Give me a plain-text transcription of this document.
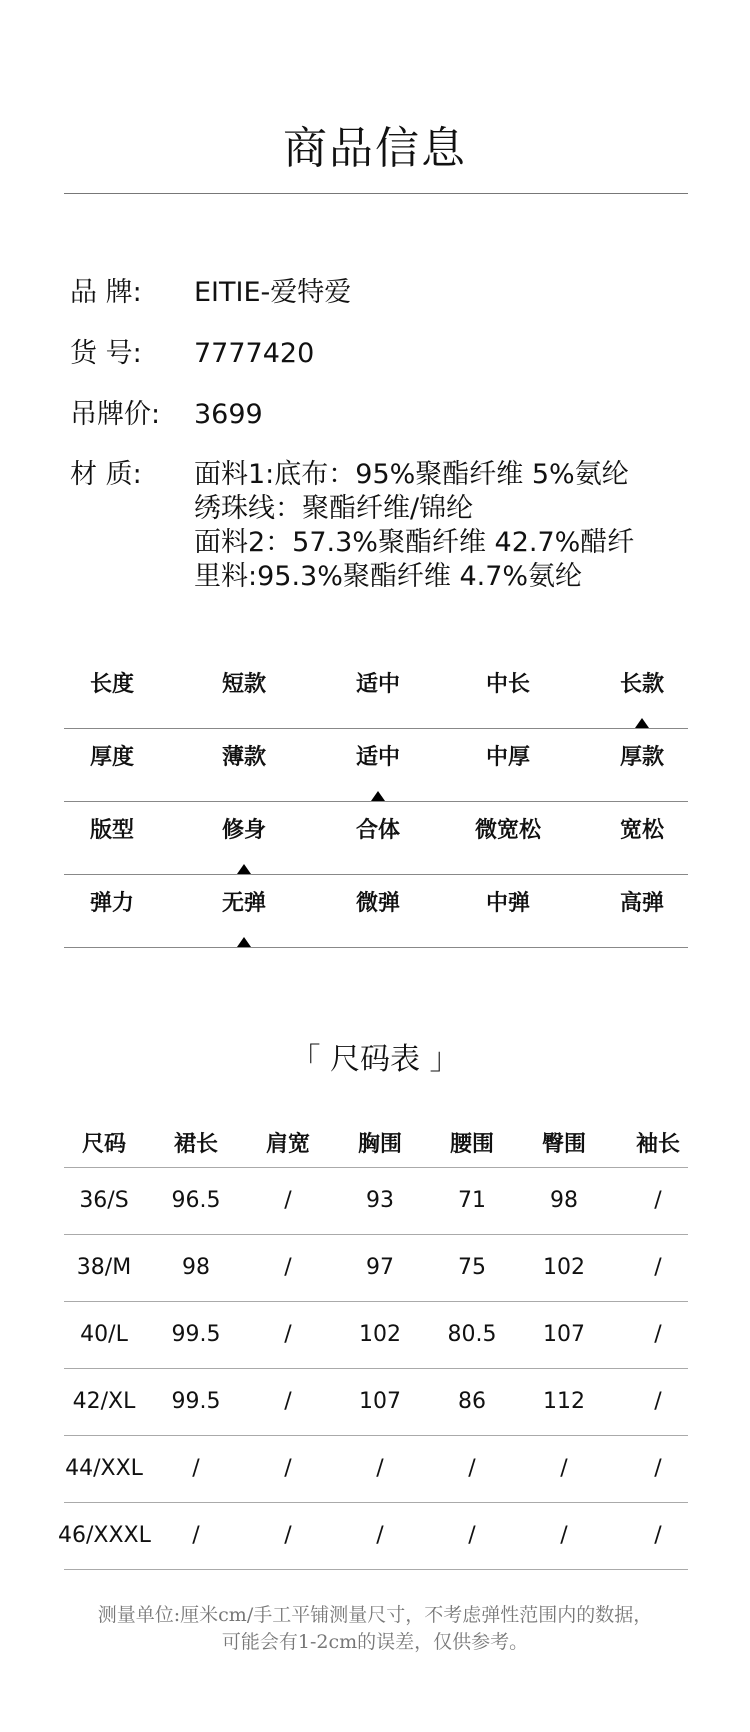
商品信息
品 牌:	EITIE-爱特爱
货 号:	7777420
吊牌价:	3699
材 质:	面料1:底布：95%聚酯纤维 5%氨纶
绣珠线：聚酯纤维/锦纶
面料2：57.3%聚酯纤维 42.7%醋纤
里料:95.3%聚酯纤维 4.7%氨纶
长度	短款	适中	中长	长款
厚度	薄款	适中	中厚	厚款
版型	修身	合体	微宽松	宽松
弹力	无弹	微弹	中弹	高弹
「 尺码表 」
尺码	裙长	肩宽	胸围	腰围	臀围	袖长
36/S	96.5	/	93	71	98	/
38/M	98	/	97	75	102	/
40/L	99.5	/	102	80.5	107	/
42/XL	99.5	/	107	86	112	/
44/XXL	/	/	/	/	/	/
46/XXXL	/	/	/	/	/	/
测量单位:厘米cm/手工平铺测量尺寸，不考虑弹性范围内的数据，
可能会有1-2cm的误差，仅供参考。
